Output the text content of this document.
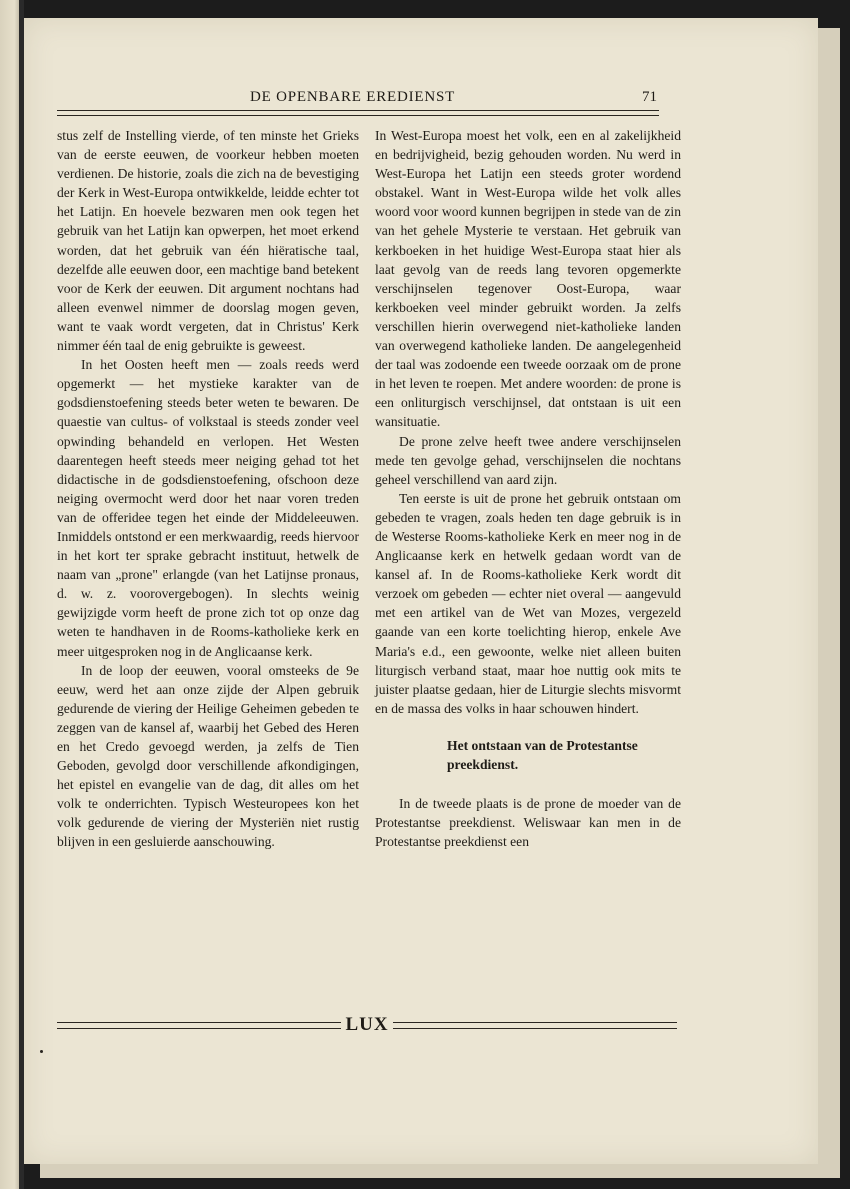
DE OPENBARE EREDIENST	71

stus zelf de Instelling vierde, of ten minste het Grieks van de eerste eeuwen, de voorkeur hebben moeten verdienen. De historie, zoals die zich na de bevestiging der Kerk in West-Europa ontwikkelde, leidde echter tot het Latijn. En hoevele bezwaren men ook tegen het gebruik van het Latijn kan opwerpen, het moet erkend worden, dat het gebruik van één hiëratische taal, dezelfde alle eeuwen door, een machtige band betekent voor de Kerk der eeuwen. Dit argument nochtans had alleen evenwel nimmer de doorslag mogen geven, want te vaak wordt vergeten, dat in Christus' Kerk nimmer één taal de enig gebruikte is geweest.

In het Oosten heeft men — zoals reeds werd opgemerkt — het mystieke karakter van de godsdienstoefening steeds beter weten te bewaren. De quaestie van cultus- of volkstaal is steeds zonder veel opwinding behandeld en verlopen. Het Westen daarentegen heeft steeds meer neiging gehad tot het didactische in de godsdienstoefening, ofschoon deze neiging overmocht werd door het naar voren treden van de offeridee tegen het einde der Middeleeuwen. Inmiddels ontstond er een merkwaardig, reeds hiervoor in het kort ter sprake gebracht instituut, hetwelk de naam van „prone" erlangde (van het Latijnse pronaus, d. w. z. voorovergebogen). In slechts weinig gewijzigde vorm heeft de prone zich tot op onze dag weten te handhaven in de Rooms-katholieke kerk en meer uitgesproken nog in de Anglicaanse kerk.

In de loop der eeuwen, vooral omsteeks de 9e eeuw, werd het aan onze zijde der Alpen gebruik gedurende de viering der Heilige Geheimen gebeden te zeggen van de kansel af, waarbij het Gebed des Heren en het Credo gevoegd werden, ja zelfs de Tien Geboden, gevolgd door verschillende afkondigingen, het epistel en evangelie van de dag, dit alles om het volk te onderrichten. Typisch Westeuropees kon het volk gedurende de viering der Mysteriën niet rustig blijven in een gesluierde aanschouwing.

In West-Europa moest het volk, een en al zakelijkheid en bedrijvigheid, bezig gehouden worden. Nu werd in West-Europa het Latijn een steeds groter wordend obstakel. Want in West-Europa wilde het volk alles woord voor woord kunnen begrijpen in stede van de zin van het gehele Mysterie te verstaan. Het gebruik van kerkboeken in het huidige West-Europa staat hier als laat gevolg van de reeds lang tevoren opgemerkte verschijnselen tegenover Oost-Europa, waar kerkboeken veel minder gebruikt worden. Ja zelfs verschillen hierin overwegend niet-katholieke landen van overwegend katholieke landen. De aangelegenheid der taal was zodoende een tweede oorzaak om de prone in het leven te roepen. Met andere woorden: de prone is een onliturgisch verschijnsel, dat ontstaan is uit een wansituatie.

De prone zelve heeft twee andere verschijnselen mede ten gevolge gehad, verschijnselen die nochtans geheel verschillend van aard zijn.

Ten eerste is uit de prone het gebruik ontstaan om gebeden te vragen, zoals heden ten dage gebruik is in de Westerse Rooms-katholieke Kerk en meer nog in de Anglicaanse kerk en hetwelk gedaan wordt van de kansel af. In de Rooms-katholieke Kerk wordt dit verzoek om gebeden — echter niet overal — aangevuld met een artikel van de Wet van Mozes, vergezeld gaande van een korte toelichting hierop, enkele Ave Maria's e.d., een gewoonte, welke niet alleen buiten liturgisch verband staat, maar hoe nuttig ook mits te juister plaatse gedaan, hier de Liturgie slechts misvormt en de massa des volks in haar schouwen hindert.

Het ontstaan van de Protestantse preekdienst.

In de tweede plaats is de prone de moeder van de Protestantse preekdienst. Weliswaar kan men in de Protestantse preekdienst een

LUX
